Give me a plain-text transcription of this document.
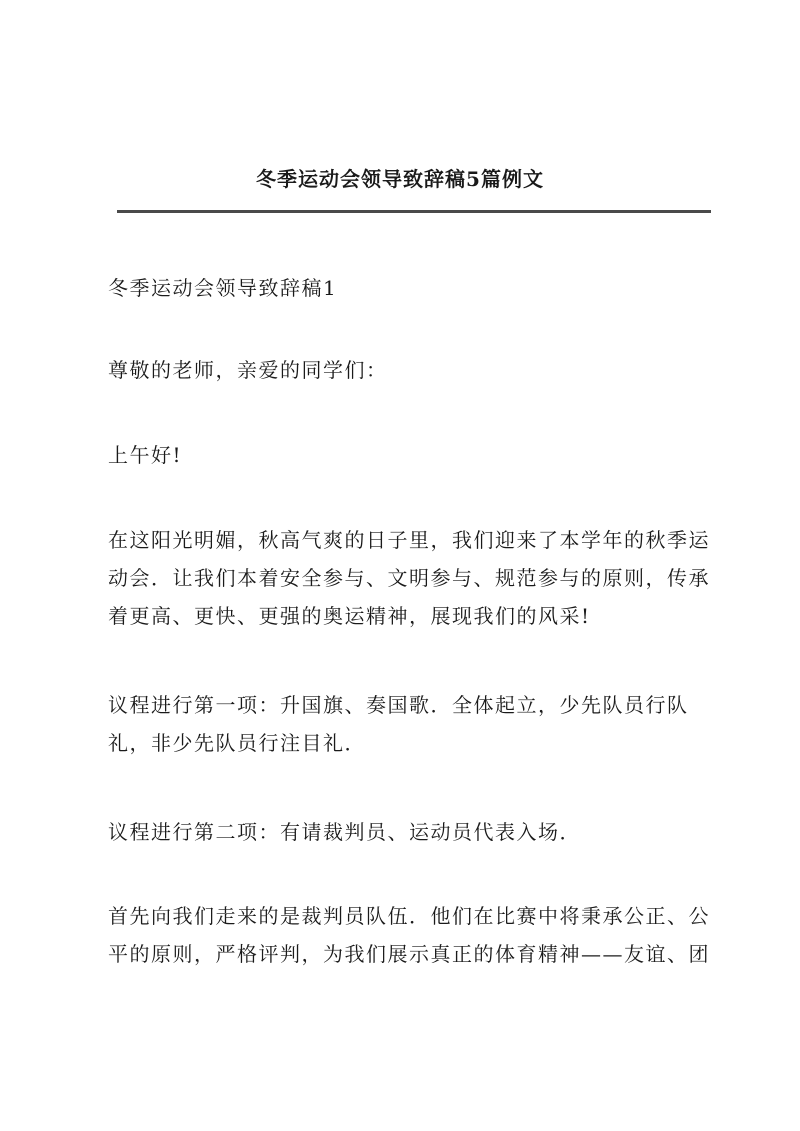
冬季运动会领导致辞稿5篇例文

冬季运动会领导致辞稿1

尊敬的老师，亲爱的同学们：

上午好!

在这阳光明媚，秋高气爽的日子里，我们迎来了本学年的秋季运动会．让我们本着安全参与、文明参与、规范参与的原则，传承着更高、更快、更强的奥运精神，展现我们的风采!

议程进行第一项：升国旗、奏国歌．全体起立，少先队员行队礼，非少先队员行注目礼．

议程进行第二项：有请裁判员、运动员代表入场．

首先向我们走来的是裁判员队伍．他们在比赛中将秉承公正、公平的原则，严格评判，为我们展示真正的体育精神——友谊、团
